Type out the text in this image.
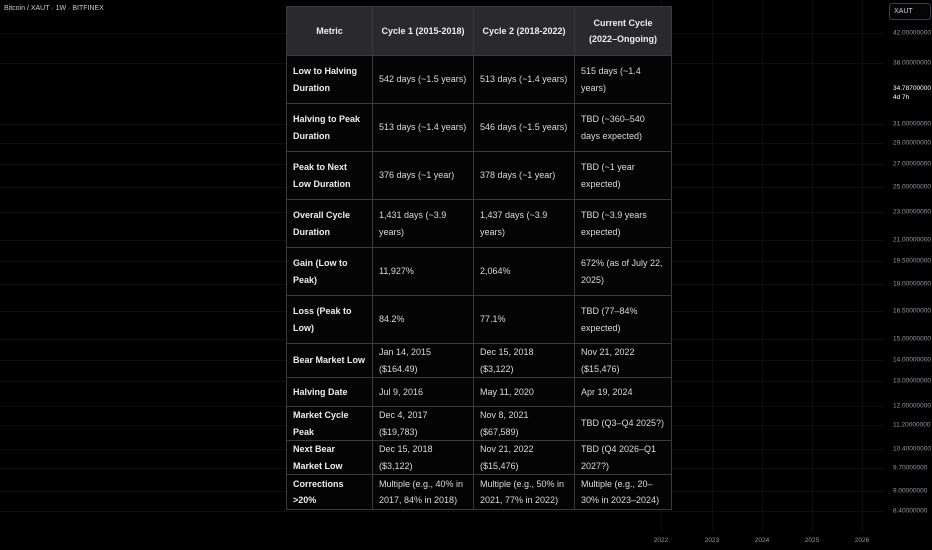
Bitcoin / XAUT · 1W · BITFINEX	XAUT
42.00000000
38.00000000
31.00000000
29.00000000
27.00000000
25.00000000
23.00000000
21.00000000
19.50000000
18.00000000
16.50000000
15.00000000
14.00000000
13.00000000
12.00000000
11.20000000
10.40000000
9.70000000
9.00000000
8.40000000
34.78700000
4d 7h
2022	2023	2024	2025	2026
Metric	Cycle 1 (2015-2018)	Cycle 2 (2018-2022)	Current Cycle (2022–Ongoing)
Low to Halving Duration	542 days (~1.5 years)	513 days (~1.4 years)	515 days (~1.4 years)
Halving to Peak Duration	513 days (~1.4 years)	546 days (~1.5 years)	TBD (~360–540 days expected)
Peak to Next Low Duration	376 days (~1 year)	378 days (~1 year)	TBD (~1 year expected)
Overall Cycle Duration	1,431 days (~3.9 years)	1,437 days (~3.9 years)	TBD (~3.9 years expected)
Gain (Low to Peak)	11,927%	2,064%	672% (as of July 22, 2025)
Loss (Peak to Low)	84.2%	77.1%	TBD (77–84% expected)
Bear Market Low	Jan 14, 2015 ($164.49)	Dec 15, 2018 ($3,122)	Nov 21, 2022 ($15,476)
Halving Date	Jul 9, 2016	May 11, 2020	Apr 19, 2024
Market Cycle Peak	Dec 4, 2017 ($19,783)	Nov 8, 2021 ($67,589)	TBD (Q3–Q4 2025?)
Next Bear Market Low	Dec 15, 2018 ($3,122)	Nov 21, 2022 ($15,476)	TBD (Q4 2026–Q1 2027?)
Corrections >20%	Multiple (e.g., 40% in 2017, 84% in 2018)	Multiple (e.g., 50% in 2021, 77% in 2022)	Multiple (e.g., 20–30% in 2023–2024)
